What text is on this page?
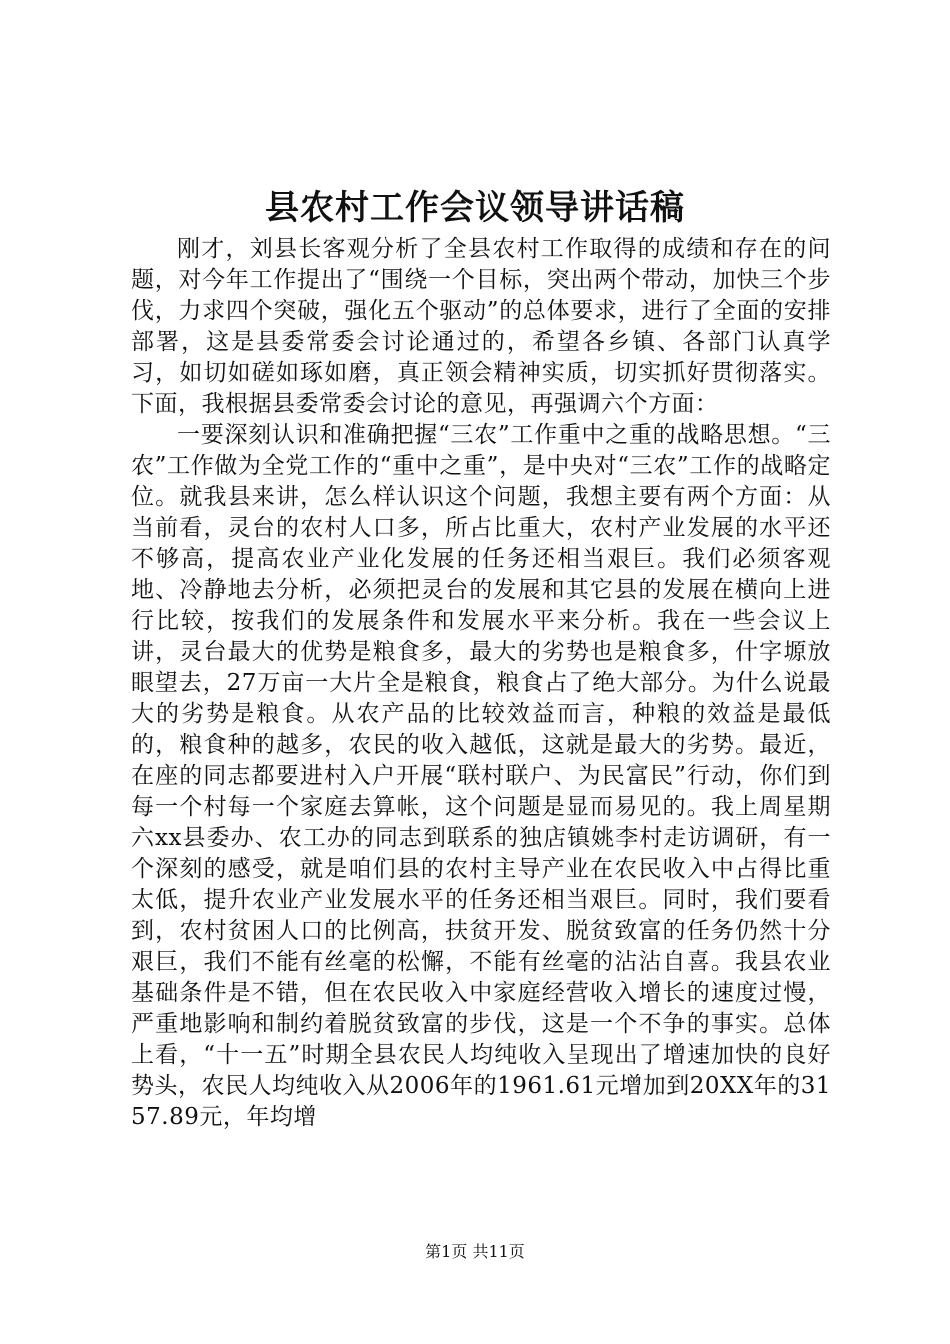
县农村工作会议领导讲话稿

刚才，刘县长客观分析了全县农村工作取得的成绩和存在的问题，对今年工作提出了“围绕一个目标，突出两个带动，加快三个步伐，力求四个突破，强化五个驱动”的总体要求，进行了全面的安排部署，这是县委常委会讨论通过的，希望各乡镇、各部门认真学习，如切如磋如琢如磨，真正领会精神实质，切实抓好贯彻落实。下面，我根据县委常委会讨论的意见，再强调六个方面：

一要深刻认识和准确把握“三农”工作重中之重的战略思想。“三农”工作做为全党工作的“重中之重”，是中央对“三农”工作的战略定位。就我县来讲，怎么样认识这个问题，我想主要有两个方面：从当前看，灵台的农村人口多，所占比重大，农村产业发展的水平还不够高，提高农业产业化发展的任务还相当艰巨。我们必须客观地、冷静地去分析，必须把灵台的发展和其它县的发展在横向上进行比较，按我们的发展条件和发展水平来分析。我在一些会议上讲，灵台最大的优势是粮食多，最大的劣势也是粮食多，什字塬放眼望去，27万亩一大片全是粮食，粮食占了绝大部分。为什么说最大的劣势是粮食。从农产品的比较效益而言，种粮的效益是最低的，粮食种的越多，农民的收入越低，这就是最大的劣势。最近，在座的同志都要进村入户开展“联村联户、为民富民”行动，你们到每一个村每一个家庭去算帐，这个问题是显而易见的。我上周星期六xx县委办、农工办的同志到联系的独店镇姚李村走访调研，有一个深刻的感受，就是咱们县的农村主导产业在农民收入中占得比重太低，提升农业产业发展水平的任务还相当艰巨。同时，我们要看到，农村贫困人口的比例高，扶贫开发、脱贫致富的任务仍然十分艰巨，我们不能有丝毫的松懈，不能有丝毫的沾沾自喜。我县农业基础条件是不错，但在农民收入中家庭经营收入增长的速度过慢，严重地影响和制约着脱贫致富的步伐，这是一个不争的事实。总体上看，“十一五”时期全县农民人均纯收入呈现出了增速加快的良好势头，农民人均纯收入从2006年的1961.61元增加到20XX年的3157.89元，年均增

第1页 共11页
